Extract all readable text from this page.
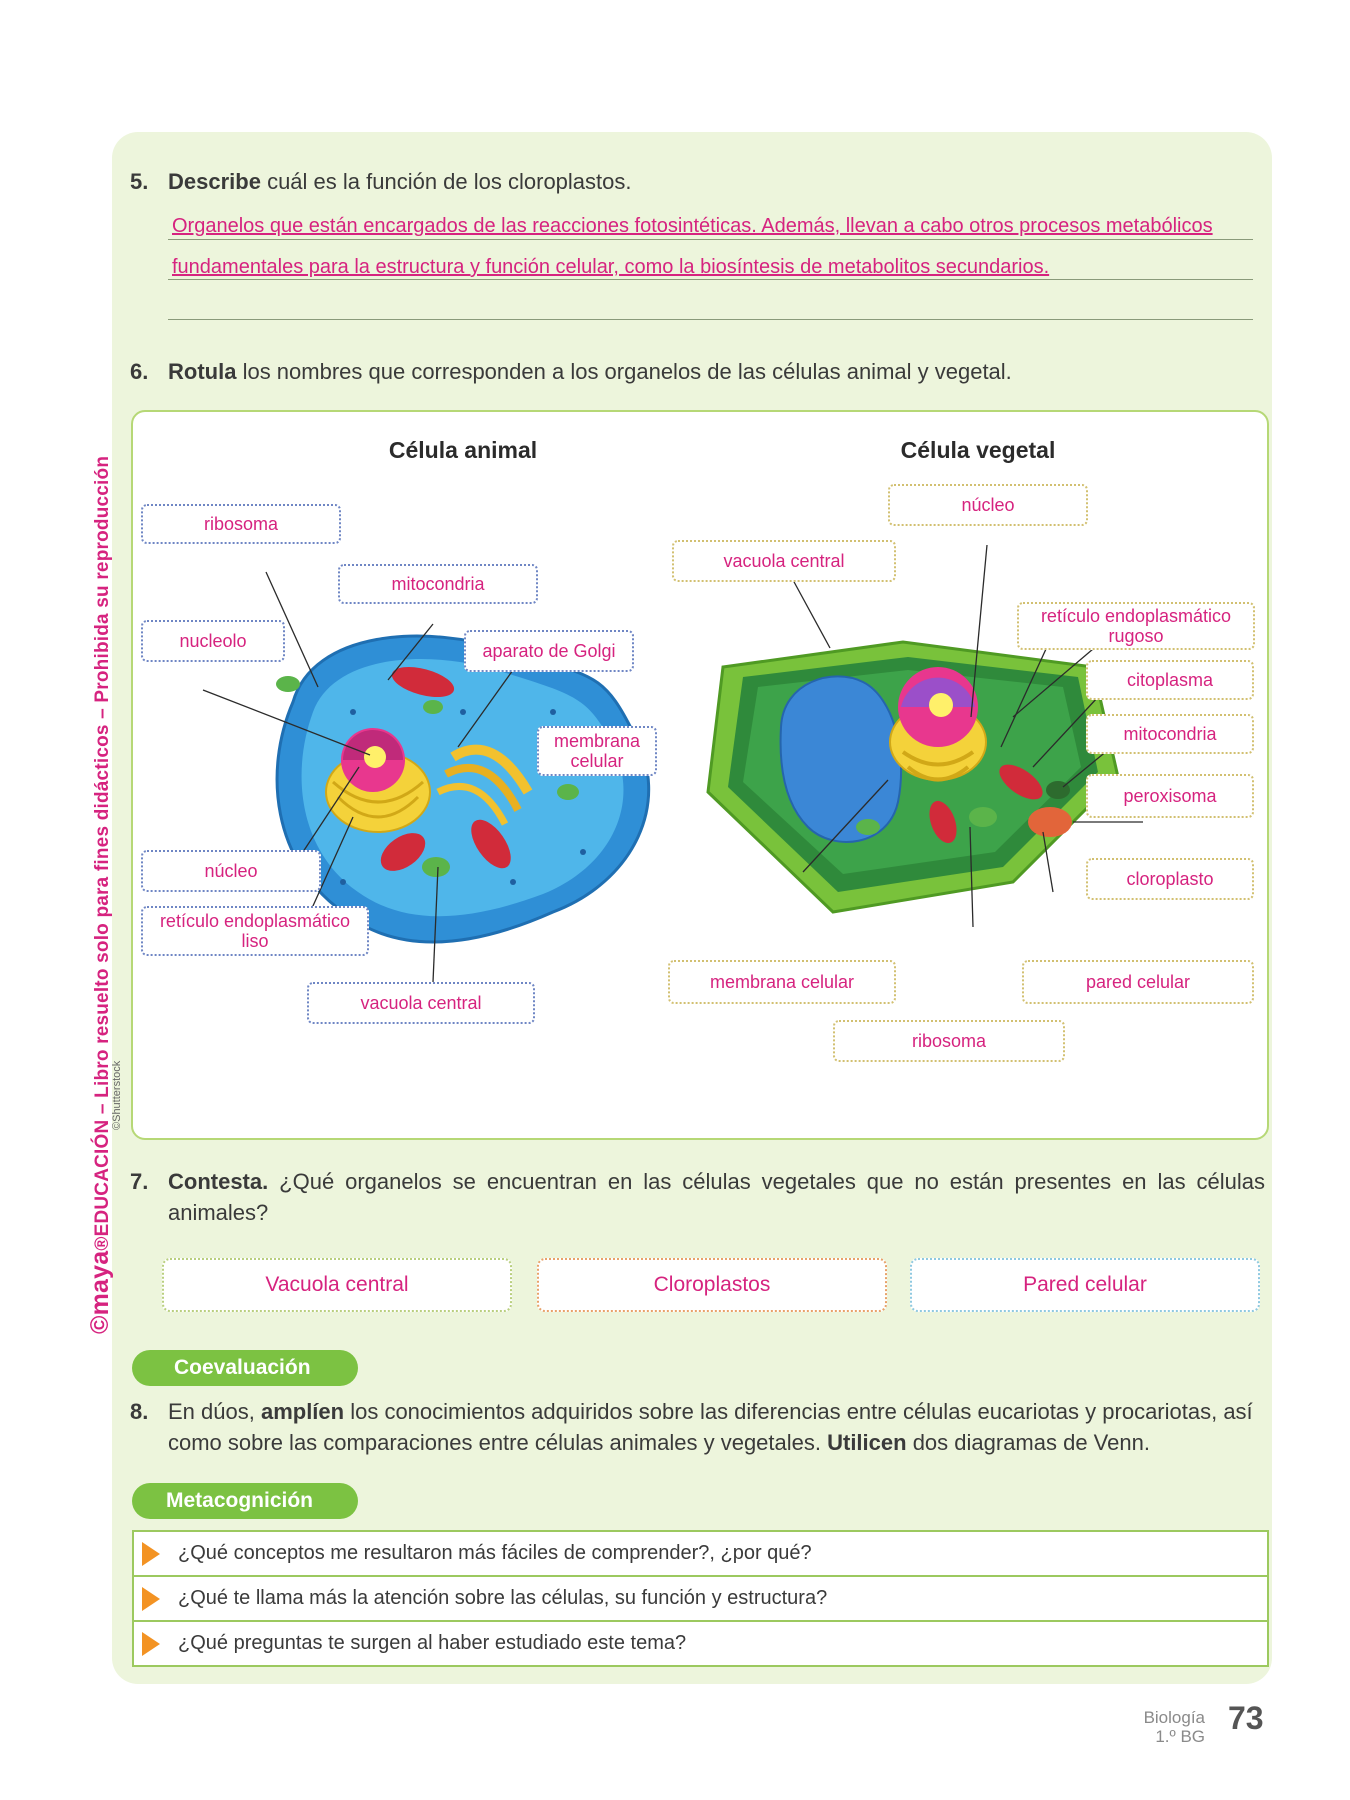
©maya®EDUCACIÓN – Libro resuelto solo para fines didácticos – Prohibida su reproducción
5. Describe cuál es la función de los cloroplastos.
Organelos que están encargados de las reacciones fotosintéticas. Además, llevan a cabo otros procesos metabólicos
fundamentales para la estructura y función celular, como la biosíntesis de metabolitos secundarios.
6. Rotula los nombres que corresponden a los organelos de las células animal y vegetal.
Célula animal	Célula vegetal
ribosoma
mitocondria
nucleolo	aparato de Golgi
membrana celular
núcleo
retículo endoplasmático liso
vacuola central
núcleo
vacuola central
retículo endoplasmático rugoso
citoplasma
mitocondria
peroxisoma
cloroplasto
membrana celular	pared celular
ribosoma
©Shutterstock
7. Contesta. ¿Qué organelos se encuentran en las células vegetales que no están presentes en las células animales?
Vacuola central	Cloroplastos	Pared celular
Coevaluación
8. En dúos, amplíen los conocimientos adquiridos sobre las diferencias entre células eucariotas y procariotas, así como sobre las comparaciones entre células animales y vegetales. Utilicen dos diagramas de Venn.
Metacognición
¿Qué conceptos me resultaron más fáciles de comprender?, ¿por qué?
¿Qué te llama más la atención sobre las células, su función y estructura?
¿Qué preguntas te surgen al haber estudiado este tema?
Biología
1.º BG
73
